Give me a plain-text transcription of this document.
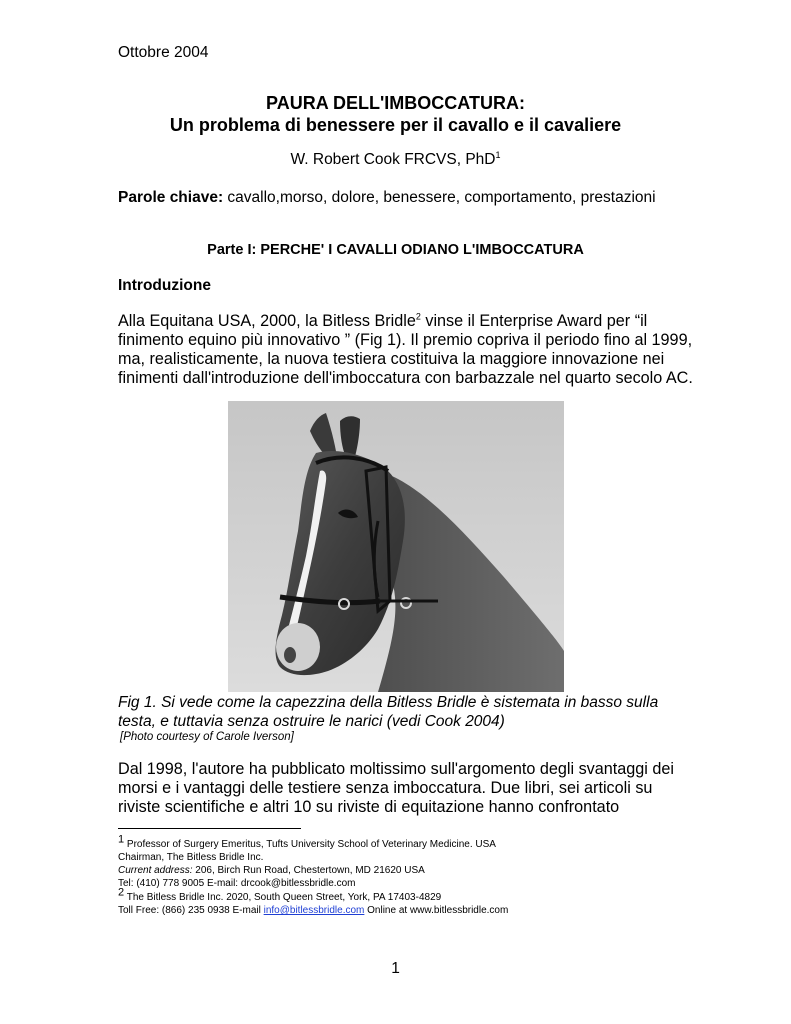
Ottobre 2004
PAURA DELL'IMBOCCATURA:
Un problema di benessere per il cavallo e il cavaliere
W. Robert Cook FRCVS, PhD$^1$
Parole chiave: cavallo,morso, dolore, benessere, comportamento, prestazioni
Parte I: PERCHE' I CAVALLI ODIANO L'IMBOCCATURA
Introduzione
Alla Equitana USA, 2000, la Bitless Bridle$^2$ vinse il Enterprise Award per “il
finimento equino più innovativo ” (Fig 1). Il premio copriva il periodo fino al 1999,
ma, realisticamente, la nuova testiera costituiva la maggiore innovazione nei
finimenti dall'introduzione dell'imboccatura con barbazzale nel quarto secolo AC.
Fig 1. Si vede come la capezzina della Bitless Bridle è sistemata in basso sulla
testa, e tuttavia senza ostruire le narici (vedi Cook 2004)
[Photo courtesy of Carole Iverson]
Dal 1998, l'autore ha pubblicato moltissimo sull'argomento degli svantaggi dei
morsi e i vantaggi delle testiere senza imboccatura. Due libri, sei articoli su
riviste scientifiche e altri 10 su riviste di equitazione hanno confrontato
1 Professor of Surgery Emeritus, Tufts University School of Veterinary Medicine. USA
Chairman, The Bitless Bridle Inc.
Current address: 206, Birch Run Road, Chestertown, MD 21620 USA
Tel: (410) 778 9005 E-mail: drcook@bitlessbridle.com
2 The Bitless Bridle Inc. 2020, South Queen Street, York, PA 17403-4829
Toll Free: (866) 235 0938 E-mail info@bitlessbridle.com Online at www.bitlessbridle.com
1
